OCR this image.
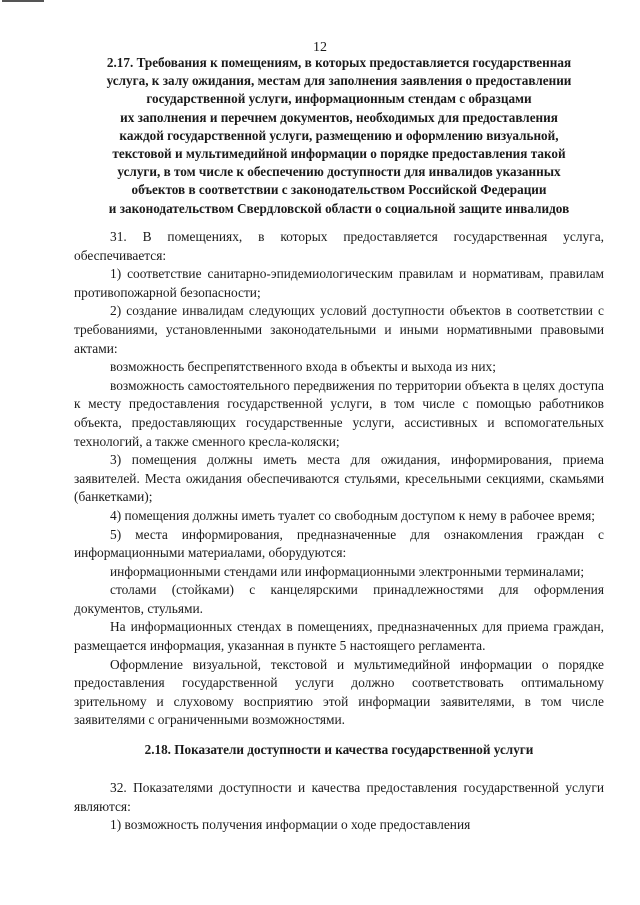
12
2.17. Требования к помещениям, в которых предоставляется государственная
услуга, к залу ожидания, местам для заполнения заявления о предоставлении
государственной услуги, информационным стендам с образцами
их заполнения и перечнем документов, необходимых для предоставления
каждой государственной услуги, размещению и оформлению визуальной,
текстовой и мультимедийной информации о порядке предоставления такой
услуги, в том числе к обеспечению доступности для инвалидов указанных
объектов в соответствии с законодательством Российской Федерации
и законодательством Свердловской области о социальной защите инвалидов

31. В помещениях, в которых предоставляется государственная услуга, обеспечивается:

1) соответствие санитарно-эпидемиологическим правилам и нормативам, правилам противопожарной безопасности;

2) создание инвалидам следующих условий доступности объектов в соответствии с требованиями, установленными законодательными и иными нормативными правовыми актами:

возможность беспрепятственного входа в объекты и выхода из них;

возможность самостоятельного передвижения по территории объекта в целях доступа к месту предоставления государственной услуги, в том числе с помощью работников объекта, предоставляющих государственные услуги, ассистивных и вспомогательных технологий, а также сменного кресла-коляски;

3) помещения должны иметь места для ожидания, информирования, приема заявителей. Места ожидания обеспечиваются стульями, кресельными секциями, скамьями (банкетками);

4) помещения должны иметь туалет со свободным доступом к нему в рабочее время;

5) места информирования, предназначенные для ознакомления граждан с информационными материалами, оборудуются:

информационными стендами или информационными электронными терминалами;

столами (стойками) с канцелярскими принадлежностями для оформления документов, стульями.

На информационных стендах в помещениях, предназначенных для приема граждан, размещается информация, указанная в пункте 5 настоящего регламента.

Оформление визуальной, текстовой и мультимедийной информации о порядке предоставления государственной услуги должно соответствовать оптимальному зрительному и слуховому восприятию этой информации заявителями, в том числе заявителями с ограниченными возможностями.

2.18. Показатели доступности и качества государственной услуги

32. Показателями доступности и качества предоставления государственной услуги являются:

1) возможность получения информации о ходе предоставления
